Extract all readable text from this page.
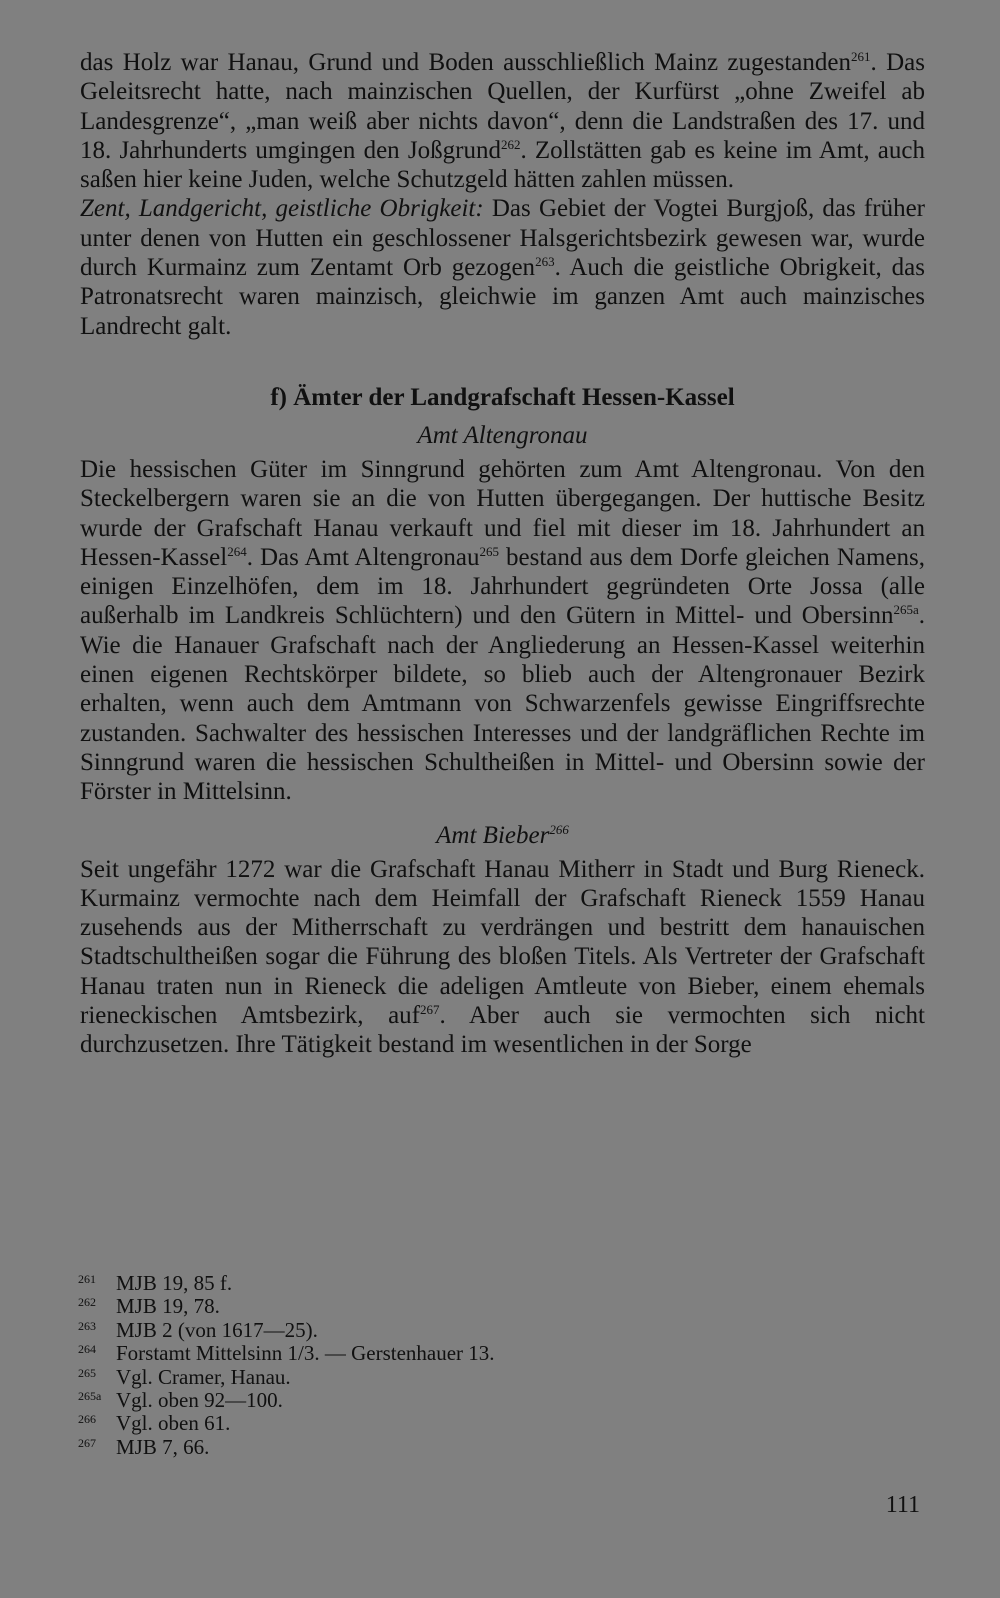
das Holz war Hanau, Grund und Boden ausschließlich Mainz zugestanden$^{261}$. Das Geleitsrecht hatte, nach mainzischen Quellen, der Kurfürst „ohne Zweifel ab Landesgrenze“, „man weiß aber nichts davon“, denn die Landstraßen des 17. und 18. Jahrhunderts umgingen den Joßgrund$^{262}$. Zollstätten gab es keine im Amt, auch saßen hier keine Juden, welche Schutzgeld hätten zahlen müssen.

Zent, Landgericht, geistliche Obrigkeit: Das Gebiet der Vogtei Burgjoß, das früher unter denen von Hutten ein geschlossener Halsgerichtsbezirk gewesen war, wurde durch Kurmainz zum Zentamt Orb gezogen$^{263}$. Auch die geistliche Obrigkeit, das Patronatsrecht waren mainzisch, gleichwie im ganzen Amt auch mainzisches Landrecht galt.

f) Ämter der Landgrafschaft Hessen-Kassel
Amt Altengronau

Die hessischen Güter im Sinngrund gehörten zum Amt Altengronau. Von den Steckelbergern waren sie an die von Hutten übergegangen. Der huttische Besitz wurde der Grafschaft Hanau verkauft und fiel mit dieser im 18. Jahrhundert an Hessen-Kassel$^{264}$. Das Amt Altengronau$^{265}$ bestand aus dem Dorfe gleichen Namens, einigen Einzelhöfen, dem im 18. Jahrhundert gegründeten Orte Jossa (alle außerhalb im Landkreis Schlüchtern) und den Gütern in Mittel- und Obersinn$^{265a}$. Wie die Hanauer Grafschaft nach der Angliederung an Hessen-Kassel weiterhin einen eigenen Rechtskörper bildete, so blieb auch der Altengronauer Bezirk erhalten, wenn auch dem Amtmann von Schwarzenfels gewisse Eingriffsrechte zustanden. Sachwalter des hessischen Interesses und der landgräflichen Rechte im Sinngrund waren die hessischen Schultheißen in Mittel- und Obersinn sowie der Förster in Mittelsinn.

Amt Bieber$^{266}$

Seit ungefähr 1272 war die Grafschaft Hanau Mitherr in Stadt und Burg Rieneck. Kurmainz vermochte nach dem Heimfall der Grafschaft Rieneck 1559 Hanau zusehends aus der Mitherrschaft zu verdrängen und bestritt dem hanauischen Stadtschultheißen sogar die Führung des bloßen Titels. Als Vertreter der Grafschaft Hanau traten nun in Rieneck die adeligen Amtleute von Bieber, einem ehemals rieneckischen Amtsbezirk, auf$^{267}$. Aber auch sie vermochten sich nicht durchzusetzen. Ihre Tätigkeit bestand im wesentlichen in der Sorge

261 MJB 19, 85 f.
262 MJB 19, 78.
263 MJB 2 (von 1617—25).
264 Forstamt Mittelsinn 1/3. — Gerstenhauer 13.
265 Vgl. Cramer, Hanau.
265a Vgl. oben 92—100.
266 Vgl. oben 61.
267 MJB 7, 66.
111
